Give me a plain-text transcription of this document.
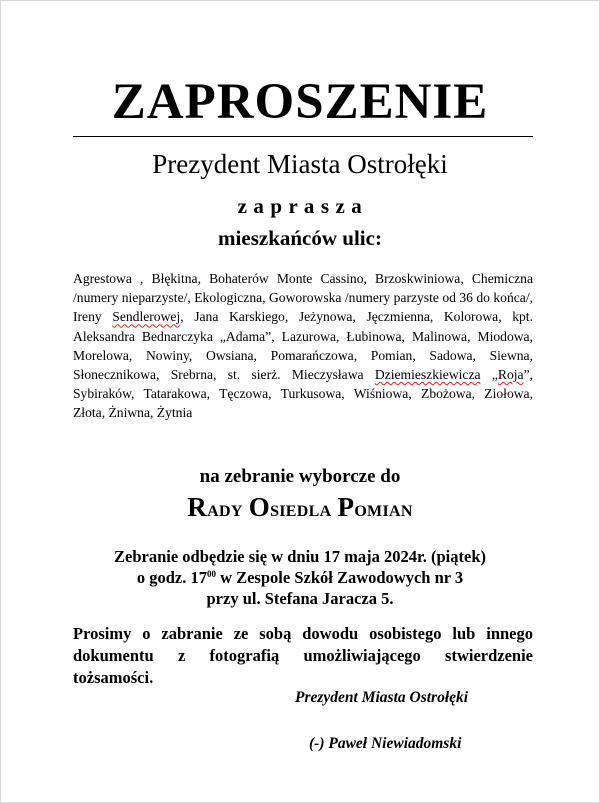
ZAPROSZENIE
Prezydent Miasta Ostrołęki
z a p r a s z a
mieszkańców ulic:
Agrestowa , Błękitna, Bohaterów Monte Cassino, Brzoskwiniowa, Chemiczna /numery nieparzyste/, Ekologiczna, Goworowska /numery parzyste od 36 do końca/, Ireny Sendlerowej, Jana Karskiego, Jeżynowa, Jęczmienna, Kolorowa, kpt. Aleksandra Bednarczyka „Adama”, Lazurowa, Łubinowa, Malinowa, Miodowa, Morelowa, Nowiny, Owsiana, Pomarańczowa, Pomian, Sadowa, Siewna, Słonecznikowa, Srebrna, st. sierż. Mieczysława Dziemieszkiewicza „Roja”, Sybiraków, Tatarakowa, Tęczowa, Turkusowa, Wiśniowa, Zbożowa, Ziołowa, Złota, Żniwna, Żytnia
na zebranie wyborcze do
Rady Osiedla Pomian
Zebranie odbędzie się w dniu 17 maja 2024r. (piątek)
o godz. $17^{00}$ w Zespole Szkół Zawodowych nr 3
przy ul. Stefana Jaracza 5.
Prosimy o zabranie ze sobą dowodu osobistego lub innego dokumentu z fotografią umożliwiającego stwierdzenie tożsamości.
Prezydent Miasta Ostrołęki
(-) Paweł Niewiadomski
